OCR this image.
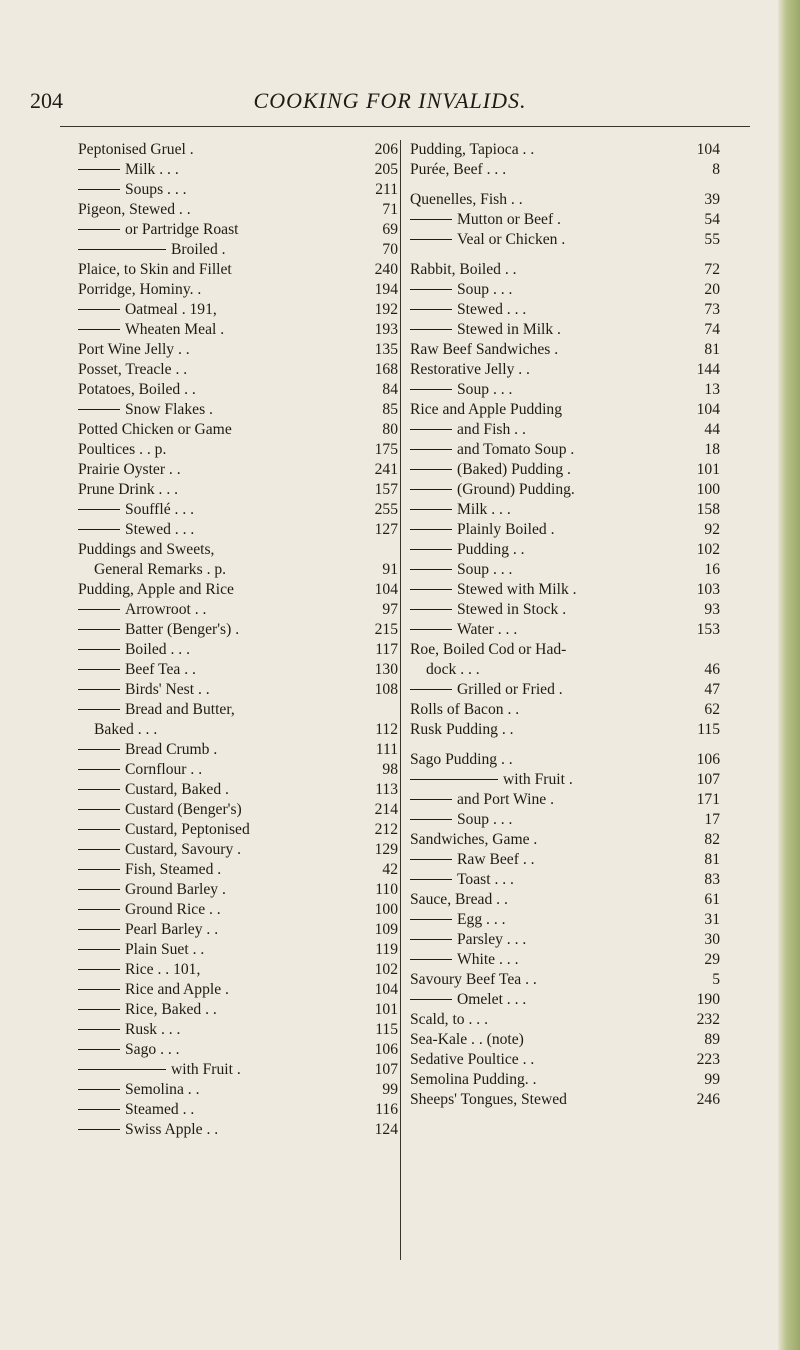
204	COOKING FOR INVALIDS.
Peptonised Gruel .	206
Milk . . .	205
Soups . . .	211
Pigeon, Stewed . .	71
or Partridge Roast	69
Broiled .	70
Plaice, to Skin and Fillet	240
Porridge, Hominy. .	194
Oatmeal . 191,	192
Wheaten Meal .	193
Port Wine Jelly . .	135
Posset, Treacle . .	168
Potatoes, Boiled . .	84
Snow Flakes .	85
Potted Chicken or Game	80
Poultices . . p.	175
Prairie Oyster . .	241
Prune Drink . . .	157
Soufflé . . .	255
Stewed . . .	127
Puddings and Sweets,
General Remarks . p.	91
Pudding, Apple and Rice	104
Arrowroot . .	97
Batter (Benger's) .	215
Boiled . . .	117
Beef Tea . .	130
Birds' Nest . .	108
Bread and Butter,
Baked . . .	112
Bread Crumb .	111
Cornflour . .	98
Custard, Baked .	113
Custard (Benger's)	214
Custard, Peptonised	212
Custard, Savoury .	129
Fish, Steamed .	42
Ground Barley .	110
Ground Rice . .	100
Pearl Barley . .	109
Plain Suet . .	119
Rice . . 101,	102
Rice and Apple .	104
Rice, Baked . .	101
Rusk . . .	115
Sago . . .	106
with Fruit .	107
Semolina . .	99
Steamed . .	116
Swiss Apple . .	124
Pudding, Tapioca . .	104
Purée, Beef . . .	8
Quenelles, Fish . .	39
Mutton or Beef .	54
Veal or Chicken .	55
Rabbit, Boiled . .	72
Soup . . .	20
Stewed . . .	73
Stewed in Milk .	74
Raw Beef Sandwiches .	81
Restorative Jelly . .	144
Soup . . .	13
Rice and Apple Pudding	104
and Fish . .	44
and Tomato Soup .	18
(Baked) Pudding .	101
(Ground) Pudding.	100
Milk . . .	158
Plainly Boiled .	92
Pudding . .	102
Soup . . .	16
Stewed with Milk .	103
Stewed in Stock .	93
Water . . .	153
Roe, Boiled Cod or Had-
dock . . .	46
Grilled or Fried .	47
Rolls of Bacon . .	62
Rusk Pudding . .	115
Sago Pudding . .	106
with Fruit .	107
and Port Wine .	171
Soup . . .	17
Sandwiches, Game .	82
Raw Beef . .	81
Toast . . .	83
Sauce, Bread . .	61
Egg . . .	31
Parsley . . .	30
White . . .	29
Savoury Beef Tea . .	5
Omelet . . .	190
Scald, to . . .	232
Sea-Kale . . (note)	89
Sedative Poultice . .	223
Semolina Pudding. .	99
Sheeps' Tongues, Stewed	246
